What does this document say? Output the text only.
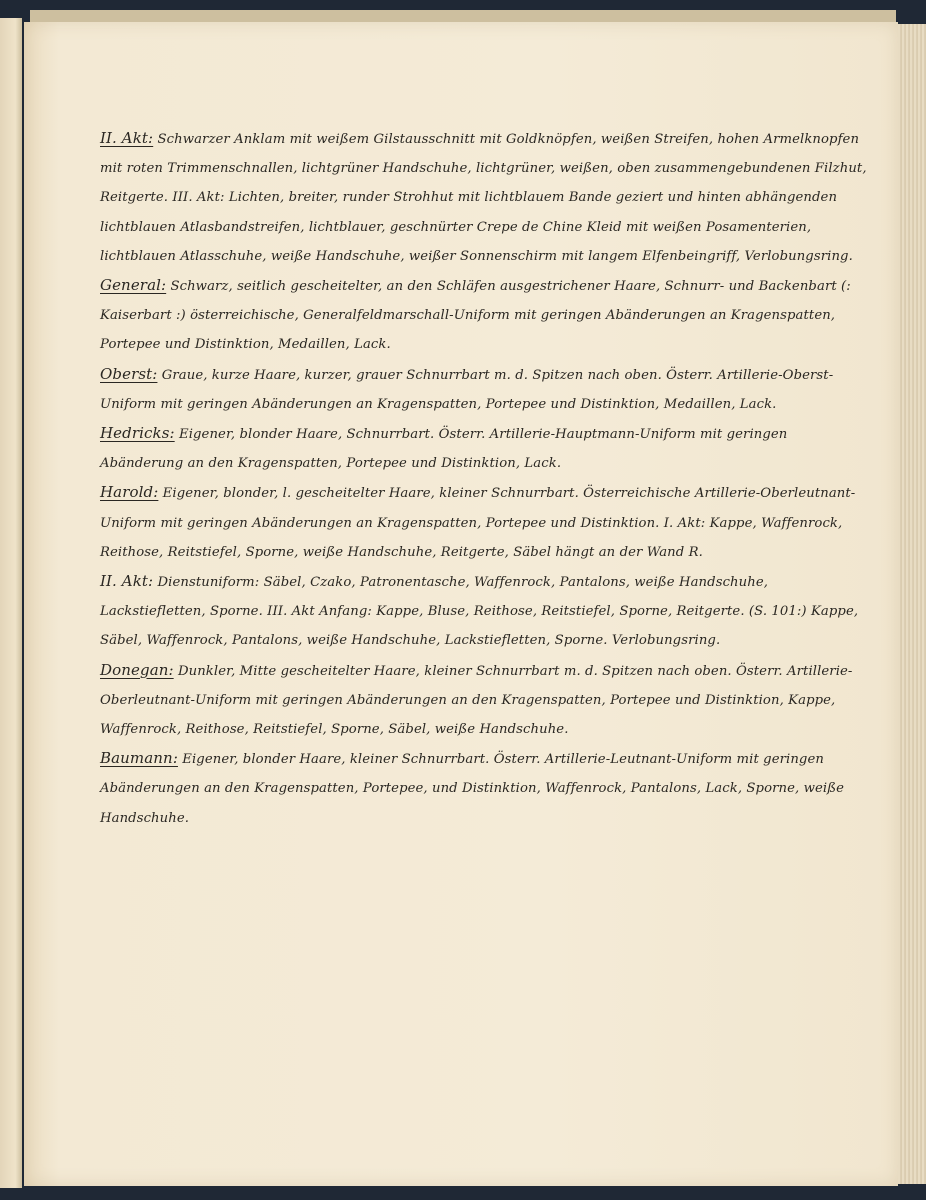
II. Akt: Schwarzer Anklam mit weißem Gilstausschnitt mit Goldknöpfen, weißen Streifen, hohen Armelknopfen mit roten Trimmenschnallen, lichtgrüner Handschuhe, lichtgrüner, weißen, oben zusammengebundenen Filzhut, Reitgerte. III. Akt: Lichten, breiter, runder Strohhut mit lichtblauem Bande geziert und hinten abhängenden lichtblauen Atlasbandstreifen, lichtblauer, geschnürter Crepe de Chine Kleid mit weißen Posamenterien, lichtblauen Atlasschuhe, weiße Handschuhe, weißer Sonnenschirm mit langem Elfenbeingriff, Verlobungsring.

General: Schwarz, seitlich gescheitelter, an den Schläfen ausgestrichener Haare, Schnurr- und Backenbart (: Kaiserbart :) österreichische, Generalfeldmarschall-Uniform mit geringen Abänderungen an Kragenspatten, Portepee und Distinktion, Medaillen, Lack.

Oberst: Graue, kurze Haare, kurzer, grauer Schnurrbart m. d. Spitzen nach oben. Österr. Artillerie-Oberst-Uniform mit geringen Abänderungen an Kragenspatten, Portepee und Distinktion, Medaillen, Lack.

Hedricks: Eigener, blonder Haare, Schnurrbart. Österr. Artillerie-Hauptmann-Uniform mit geringen Abänderung an den Kragenspatten, Portepee und Distinktion, Lack.

Harold: Eigener, blonder, l. gescheitelter Haare, kleiner Schnurrbart. Österreichische Artillerie-Oberleutnant-Uniform mit geringen Abänderungen an Kragenspatten, Portepee und Distinktion. I. Akt: Kappe, Waffenrock, Reithose, Reitstiefel, Sporne, weiße Handschuhe, Reitgerte, Säbel hängt an der Wand R.

II. Akt: Dienstuniform: Säbel, Czako, Patronentasche, Waffenrock, Pantalons, weiße Handschuhe, Lackstiefletten, Sporne. III. Akt Anfang: Kappe, Bluse, Reithose, Reitstiefel, Sporne, Reitgerte. (S. 101:) Kappe, Säbel, Waffenrock, Pantalons, weiße Handschuhe, Lackstiefletten, Sporne. Verlobungsring.

Donegan: Dunkler, Mitte gescheitelter Haare, kleiner Schnurrbart m. d. Spitzen nach oben. Österr. Artillerie-Oberleutnant-Uniform mit geringen Abänderungen an den Kragenspatten, Portepee und Distinktion, Kappe, Waffenrock, Reithose, Reitstiefel, Sporne, Säbel, weiße Handschuhe.

Baumann: Eigener, blonder Haare, kleiner Schnurrbart. Österr. Artillerie-Leutnant-Uniform mit geringen Abänderungen an den Kragenspatten, Portepee, und Distinktion, Waffenrock, Pantalons, Lack, Sporne, weiße Handschuhe.
